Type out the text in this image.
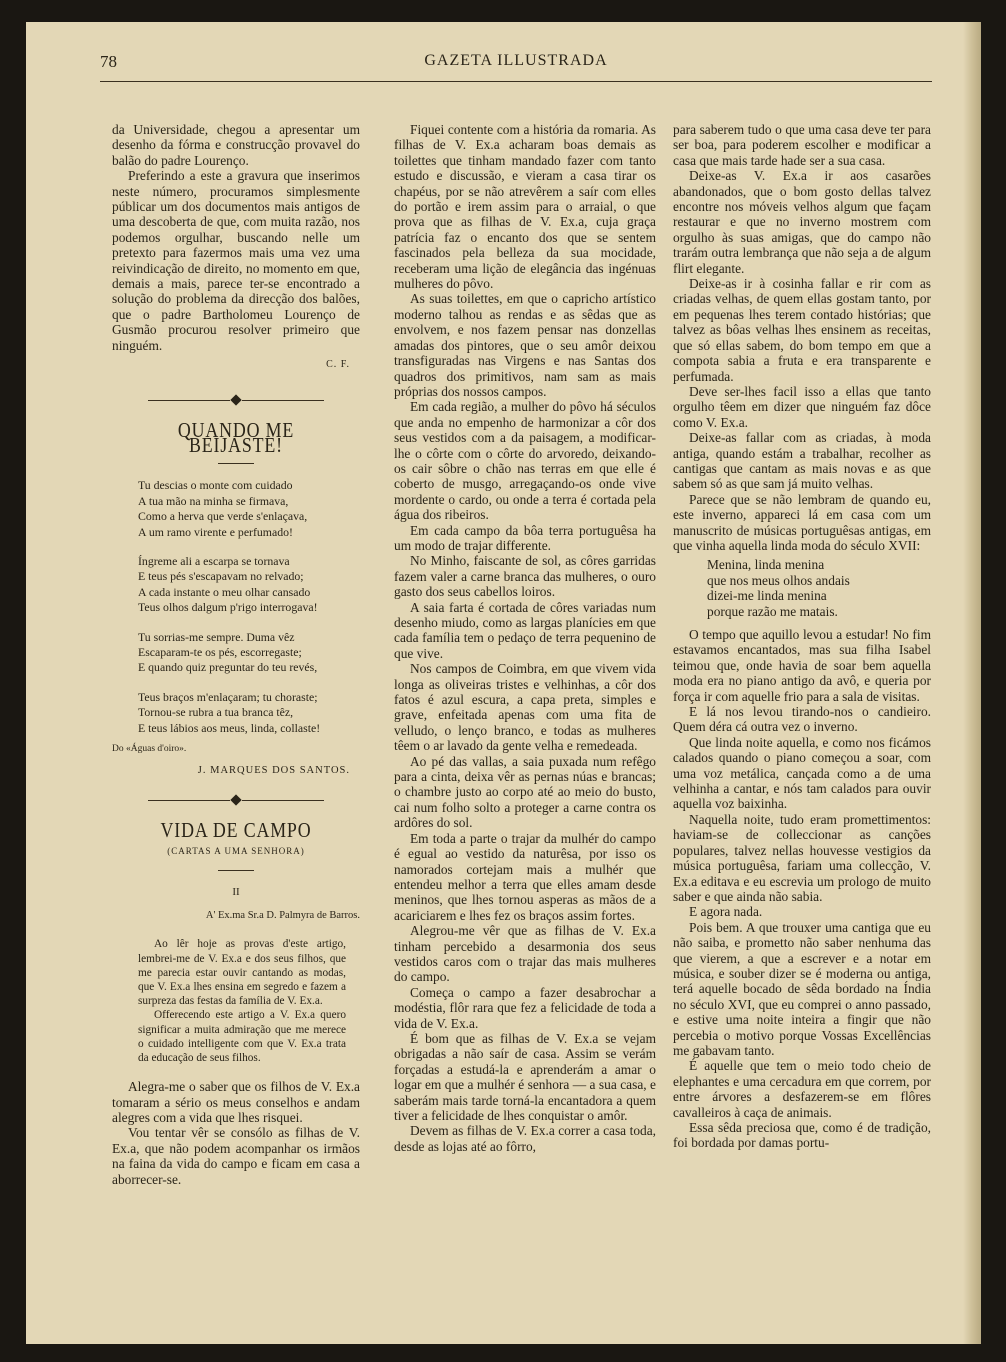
78	GAZETA ILLUSTRADA

da Universidade, chegou a apresentar um desenho da fórma e construcção provavel do balão do padre Lourenço.

Preferindo a este a gravura que inserimos neste número, procuramos simplesmente públicar um dos documentos mais antigos de uma descoberta de que, com muita razão, nos podemos orgulhar, buscando nelle um pretexto para fazermos mais uma vez uma reivindicação de direito, no momento em que, demais a mais, parece ter-se encontrado a solução do problema da direcção dos balões, que o padre Bartholomeu Lourenço de Gusmão procurou resolver primeiro que ninguém.

C. F.
QUANDO ME BEIJASTE!
Tu descias o monte com cuidado
A tua mão na minha se firmava,
Como a herva que verde s'enlaçava,
A um ramo virente e perfumado!
Íngreme ali a escarpa se tornava
E teus pés s'escapavam no relvado;
A cada instante o meu olhar cansado
Teus olhos dalgum p'rigo interrogava!
Tu sorrias-me sempre. Duma vêz
Escaparam-te os pés, escorregaste;
E quando quiz preguntar do teu revés,
Teus braços m'enlaçaram; tu choraste;
Tornou-se rubra a tua branca têz,
E teus lábios aos meus, linda, collaste!
Do «Águas d'oiro».
J. MARQUES DOS SANTOS.
VIDA DE CAMPO
(CARTAS A UMA SENHORA)
II
A' Ex.ma Sr.a D. Palmyra de Barros.

Ao lêr hoje as provas d'este artigo, lembrei-me de V. Ex.a e dos seus filhos, que me parecia estar ouvir cantando as modas, que V. Ex.a lhes ensina em segredo e fazem a surpreza das festas da família de V. Ex.a.

Offerecendo este artigo a V. Ex.a quero significar a muita admiração que me merece o cuidado intelligente com que V. Ex.a trata da educação de seus filhos.

Alegra-me o saber que os filhos de V. Ex.a tomaram a sério os meus conselhos e andam alegres com a vida que lhes risquei.

Vou tentar vêr se consólo as filhas de V. Ex.a, que não podem acompanhar os irmãos na faina da vida do campo e ficam em casa a aborrecer-se.

Fiquei contente com a história da romaria. As filhas de V. Ex.a acharam boas demais as toilettes que tinham mandado fazer com tanto estudo e discussão, e vieram a casa tirar os chapéus, por se não atrevêrem a saír com elles do portão e irem assim para o arraial, o que prova que as filhas de V. Ex.a, cuja graça patrícia faz o encanto dos que se sentem fascinados pela belleza da sua mocidade, receberam uma lição de elegância das ingénuas mulheres do pôvo.

As suas toilettes, em que o capricho artístico moderno talhou as rendas e as sêdas que as envolvem, e nos fazem pensar nas donzellas amadas dos pintores, que o seu amôr deixou transfiguradas nas Virgens e nas Santas dos quadros dos primitivos, nam sam as mais próprias dos nossos campos.

Em cada região, a mulher do pôvo há séculos que anda no empenho de harmonizar a côr dos seus vestidos com a da paisagem, a modificar-lhe o côrte com o côrte do arvoredo, deixando-os cair sôbre o chão nas terras em que elle é coberto de musgo, arregaçando-os onde vive mordente o cardo, ou onde a terra é cortada pela água dos ribeiros.

Em cada campo da bôa terra portuguêsa ha um modo de trajar differente.

No Minho, faiscante de sol, as côres garridas fazem valer a carne branca das mulheres, o ouro gasto dos seus cabellos loiros.

A saia farta é cortada de côres variadas num desenho miudo, como as largas planícies em que cada família tem o pedaço de terra pequenino de que vive.

Nos campos de Coimbra, em que vivem vida longa as oliveiras tristes e velhinhas, a côr dos fatos é azul escura, a capa preta, simples e grave, enfeitada apenas com uma fita de velludo, o lenço branco, e todas as mulheres têem o ar lavado da gente velha e remedeada.

Ao pé das vallas, a saia puxada num refêgo para a cinta, deixa vêr as pernas núas e brancas; o chambre justo ao corpo até ao meio do busto, cai num folho solto a proteger a carne contra os ardôres do sol.

Em toda a parte o trajar da mulhér do campo é egual ao vestido da naturêsa, por isso os namorados cortejam mais a mulhér que entendeu melhor a terra que elles amam desde meninos, que lhes tornou asperas as mãos de a acariciarem e lhes fez os braços assim fortes.

Alegrou-me vêr que as filhas de V. Ex.a tinham percebido a desarmonia dos seus vestidos caros com o trajar das mais mulheres do campo.

Começa o campo a fazer desabrochar a modéstia, flôr rara que fez a felicidade de toda a vida de V. Ex.a.

É bom que as filhas de V. Ex.a se vejam obrigadas a não saír de casa. Assim se verám forçadas a estudá-la e aprenderám a amar o logar em que a mulhér é senhora — a sua casa, e saberám mais tarde torná-la encantadora a quem tiver a felicidade de lhes conquistar o amôr.

Devem as filhas de V. Ex.a correr a casa toda, desde as lojas até ao fôrro,

para saberem tudo o que uma casa deve ter para ser boa, para poderem escolher e modificar a casa que mais tarde hade ser a sua casa.

Deixe-as V. Ex.a ir aos casarões abandonados, que o bom gosto dellas talvez encontre nos móveis velhos algum que façam restaurar e que no inverno mostrem com orgulho às suas amigas, que do campo não trarám outra lembrança que não seja a de algum flirt elegante.

Deixe-as ir à cosinha fallar e rir com as criadas velhas, de quem ellas gostam tanto, por em pequenas lhes terem contado histórias; que talvez as bôas velhas lhes ensinem as receitas, que só ellas sabem, do bom tempo em que a compota sabia a fruta e era transparente e perfumada.

Deve ser-lhes facil isso a ellas que tanto orgulho têem em dizer que ninguém faz dôce como V. Ex.a.

Deixe-as fallar com as criadas, à moda antiga, quando estám a trabalhar, recolher as cantigas que cantam as mais novas e as que sabem só as que sam já muito velhas.

Parece que se não lembram de quando eu, este inverno, appareci lá em casa com um manuscrito de músicas portuguêsas antigas, em que vinha aquella linda moda do século XVII:

Menina, linda menina
que nos meus olhos andais
dizei-me linda menina
porque razão me matais.

O tempo que aquillo levou a estudar! No fim estavamos encantados, mas sua filha Isabel teimou que, onde havia de soar bem aquella moda era no piano antigo da avô, e queria por força ir com aquelle frio para a sala de visitas.

E lá nos levou tirando-nos o candieiro. Quem déra cá outra vez o inverno.

Que linda noite aquella, e como nos ficámos calados quando o piano começou a soar, com uma voz metálica, cançada como a de uma velhinha a cantar, e nós tam calados para ouvir aquella voz baixinha.

Naquella noite, tudo eram promettimentos: haviam-se de colleccionar as canções populares, talvez nellas houvesse vestigios da música portuguêsa, fariam uma collecção, V. Ex.a editava e eu escrevia um prologo de muito saber e que ainda não sabia.

E agora nada.

Pois bem. A que trouxer uma cantiga que eu não saiba, e prometto não saber nenhuma das que vierem, a que a escrever e a notar em música, e souber dizer se é moderna ou antiga, terá aquelle bocado de sêda bordado na Índia no século XVI, que eu comprei o anno passado, e estive uma noite inteira a fingir que não percebia o motivo porque Vossas Excellências me gabavam tanto.

É aquelle que tem o meio todo cheio de elephantes e uma cercadura em que correm, por entre árvores a desfazerem-se em flôres cavalleiros à caça de animais.

Essa sêda preciosa que, como é de tradição, foi bordada por damas portu-
